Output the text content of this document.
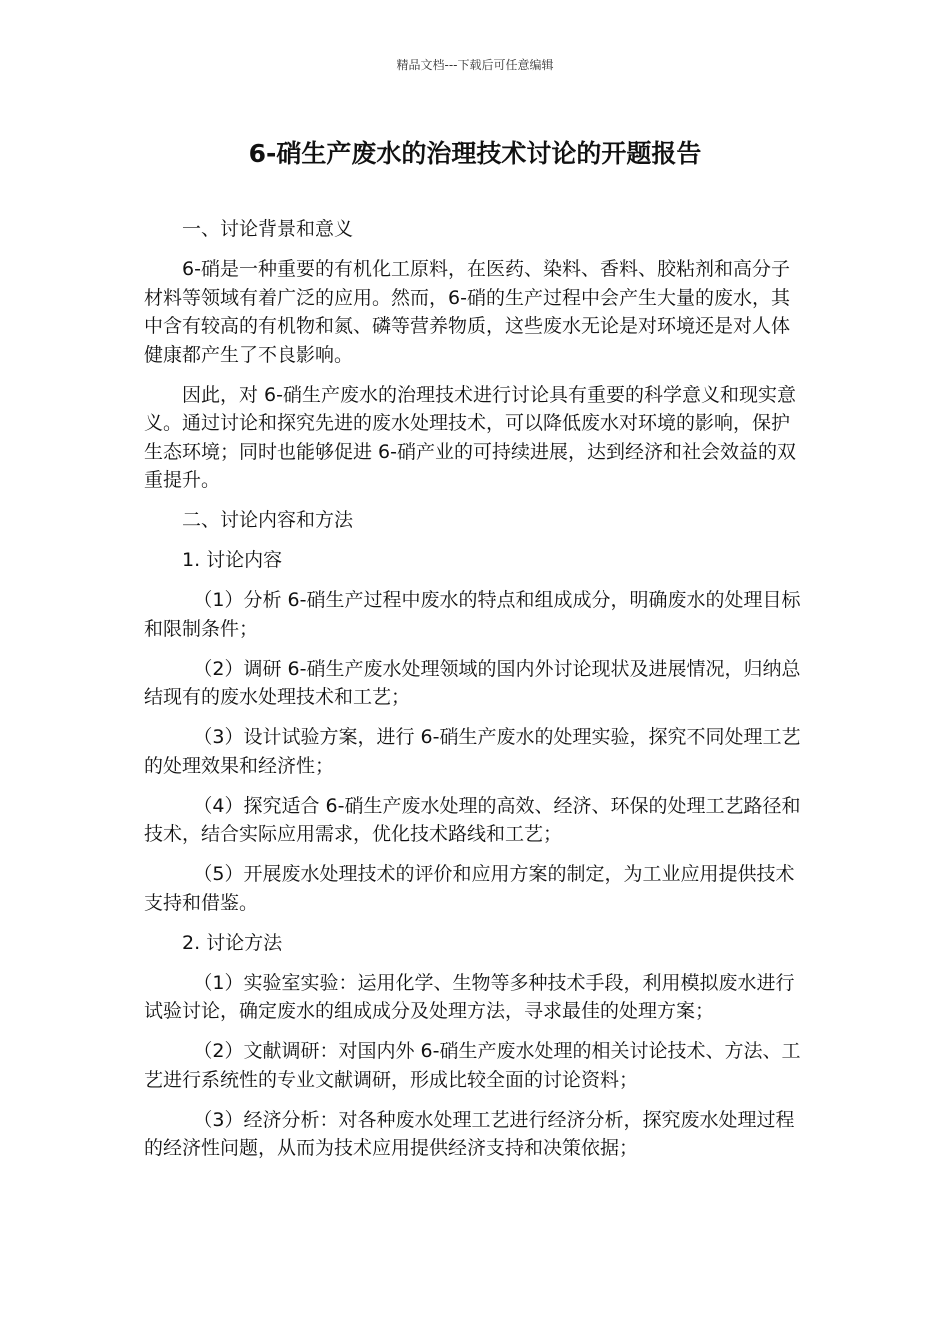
精品文档---下载后可任意编辑
6-硝生产废水的治理技术讨论的开题报告

一、讨论背景和意义

6-硝是一种重要的有机化工原料，在医药、染料、香料、胶粘剂和高分子材料等领域有着广泛的应用。然而，6-硝的生产过程中会产生大量的废水，其中含有较高的有机物和氮、磷等营养物质，这些废水无论是对环境还是对人体健康都产生了不良影响。

因此，对 6-硝生产废水的治理技术进行讨论具有重要的科学意义和现实意义。通过讨论和探究先进的废水处理技术，可以降低废水对环境的影响，保护生态环境；同时也能够促进 6-硝产业的可持续进展，达到经济和社会效益的双重提升。

二、讨论内容和方法

1. 讨论内容

（1）分析 6-硝生产过程中废水的特点和组成成分，明确废水的处理目标和限制条件；

（2）调研 6-硝生产废水处理领域的国内外讨论现状及进展情况，归纳总结现有的废水处理技术和工艺；

（3）设计试验方案，进行 6-硝生产废水的处理实验，探究不同处理工艺的处理效果和经济性；

（4）探究适合 6-硝生产废水处理的高效、经济、环保的处理工艺路径和技术，结合实际应用需求，优化技术路线和工艺；

（5）开展废水处理技术的评价和应用方案的制定，为工业应用提供技术支持和借鉴。

2. 讨论方法

（1）实验室实验：运用化学、生物等多种技术手段，利用模拟废水进行试验讨论，确定废水的组成成分及处理方法，寻求最佳的处理方案；

（2）文献调研：对国内外 6-硝生产废水处理的相关讨论技术、方法、工艺进行系统性的专业文献调研，形成比较全面的讨论资料；

（3）经济分析：对各种废水处理工艺进行经济分析，探究废水处理过程的经济性问题，从而为技术应用提供经济支持和决策依据；
